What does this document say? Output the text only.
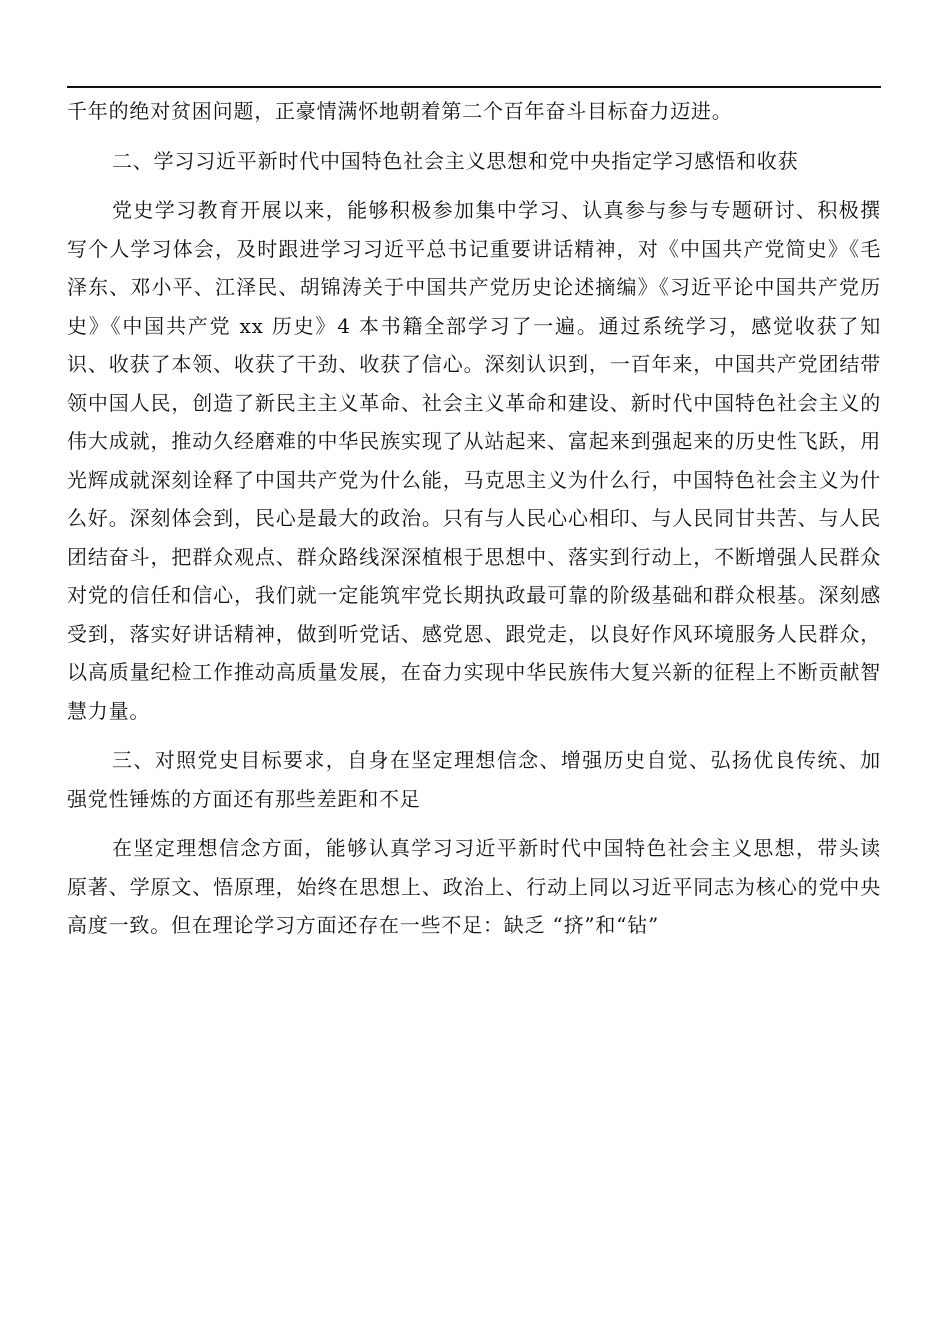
千年的绝对贫困问题，正豪情满怀地朝着第二个百年奋斗目标奋力迈进。

二、学习习近平新时代中国特色社会主义思想和党中央指定学习感悟和收获

党史学习教育开展以来，能够积极参加集中学习、认真参与参与专题研讨、积极撰写个人学习体会，及时跟进学习习近平总书记重要讲话精神，对《中国共产党简史》《毛泽东、邓小平、江泽民、胡锦涛关于中国共产党历史论述摘编》《习近平论中国共产党历史》《中国共产党 xx 历史》4 本书籍全部学习了一遍。通过系统学习，感觉收获了知识、收获了本领、收获了干劲、收获了信心。深刻认识到，一百年来，中国共产党团结带领中国人民，创造了新民主主义革命、社会主义革命和建设、新时代中国特色社会主义的伟大成就，推动久经磨难的中华民族实现了从站起来、富起来到强起来的历史性飞跃，用光辉成就深刻诠释了中国共产党为什么能，马克思主义为什么行，中国特色社会主义为什么好。深刻体会到，民心是最大的政治。只有与人民心心相印、与人民同甘共苦、与人民团结奋斗，把群众观点、群众路线深深植根于思想中、落实到行动上，不断增强人民群众对党的信任和信心，我们就一定能筑牢党长期执政最可靠的阶级基础和群众根基。深刻感受到，落实好讲话精神，做到听党话、感党恩、跟党走，以良好作风环境服务人民群众，以高质量纪检工作推动高质量发展，在奋力实现中华民族伟大复兴新的征程上不断贡献智慧力量。

三、对照党史目标要求，自身在坚定理想信念、增强历史自觉、弘扬优良传统、加强党性锤炼的方面还有那些差距和不足

在坚定理想信念方面，能够认真学习习近平新时代中国特色社会主义思想，带头读原著、学原文、悟原理，始终在思想上、政治上、行动上同以习近平同志为核心的党中央高度一致。但在理论学习方面还存在一些不足：缺乏 “挤”和“钻”
